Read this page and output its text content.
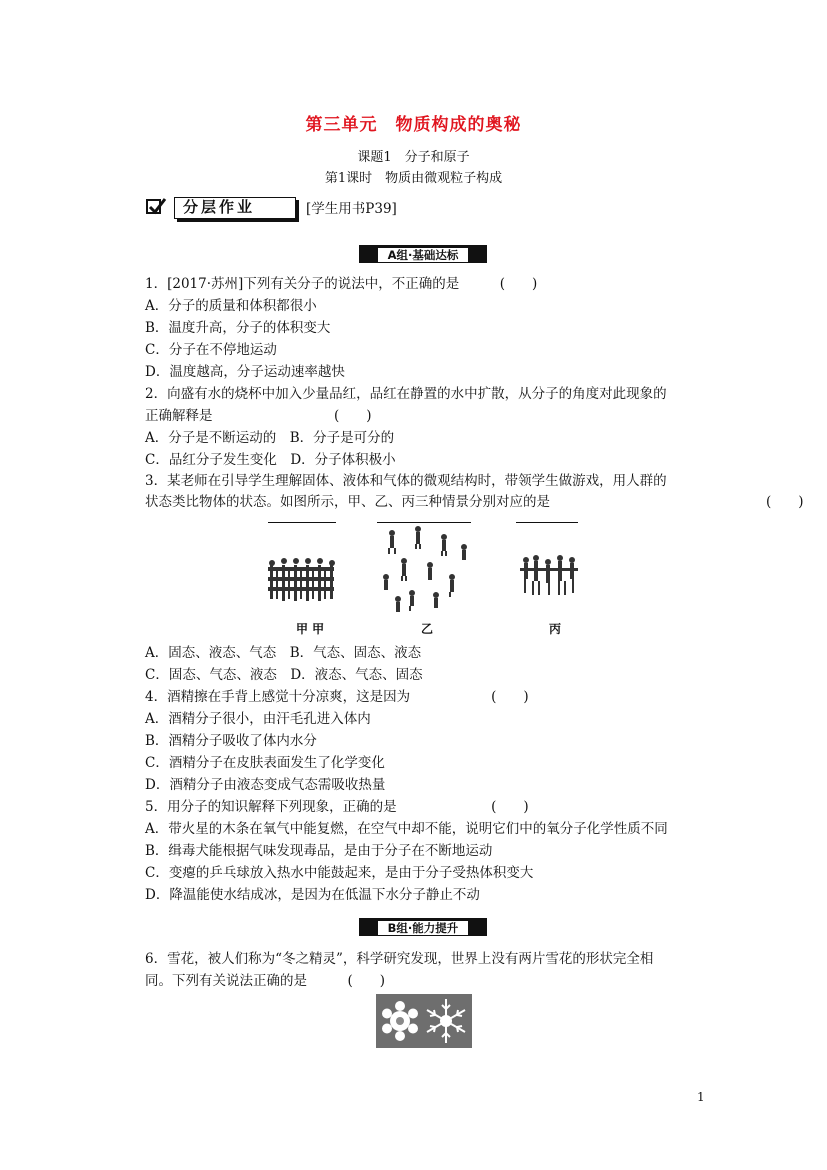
第三单元　物质构成的奥秘
课题1　分子和原子
第1课时　物质由微观粒子构成
分层作业	[学生用书P39]
A组·基础达标
1．[2017·苏州]下列有关分子的说法中，不正确的是　　　(　　)
A．分子的质量和体积都很小
B．温度升高，分子的体积变大
C．分子在不停地运动
D．温度越高，分子运动速率越快
2．向盛有水的烧杯中加入少量品红，品红在静置的水中扩散，从分子的角度对此现象的
正确解释是　　　　　　　　　(　　)
A．分子是不断运动的　B．分子是可分的
C．品红分子发生变化　D．分子体积极小
3．某老师在引导学生理解固体、液体和气体的微观结构时，带领学生做游戏，用人群的
状态类比物体的状态。如图所示，甲、乙、丙三种情景分别对应的是	(　　)
甲 甲	乙	丙
A．固态、液态、气态　B．气态、固态、液态
C．固态、气态、液态　D．液态、气态、固态
4．酒精擦在手背上感觉十分凉爽，这是因为　　　　　　(　　)
A．酒精分子很小，由汗毛孔进入体内
B．酒精分子吸收了体内水分
C．酒精分子在皮肤表面发生了化学变化
D．酒精分子由液态变成气态需吸收热量
5．用分子的知识解释下列现象，正确的是　　　　　　　(　　)
A．带火星的木条在氧气中能复燃，在空气中却不能，说明它们中的氧分子化学性质不同
B．缉毒犬能根据气味发现毒品，是由于分子在不断地运动
C．变瘪的乒乓球放入热水中能鼓起来，是由于分子受热体积变大
D．降温能使水结成冰，是因为在低温下水分子静止不动
B组·能力提升
6．雪花，被人们称为“冬之精灵”，科学研究发现，世界上没有两片雪花的形状完全相
同。下列有关说法正确的是　　　(　　)
1
